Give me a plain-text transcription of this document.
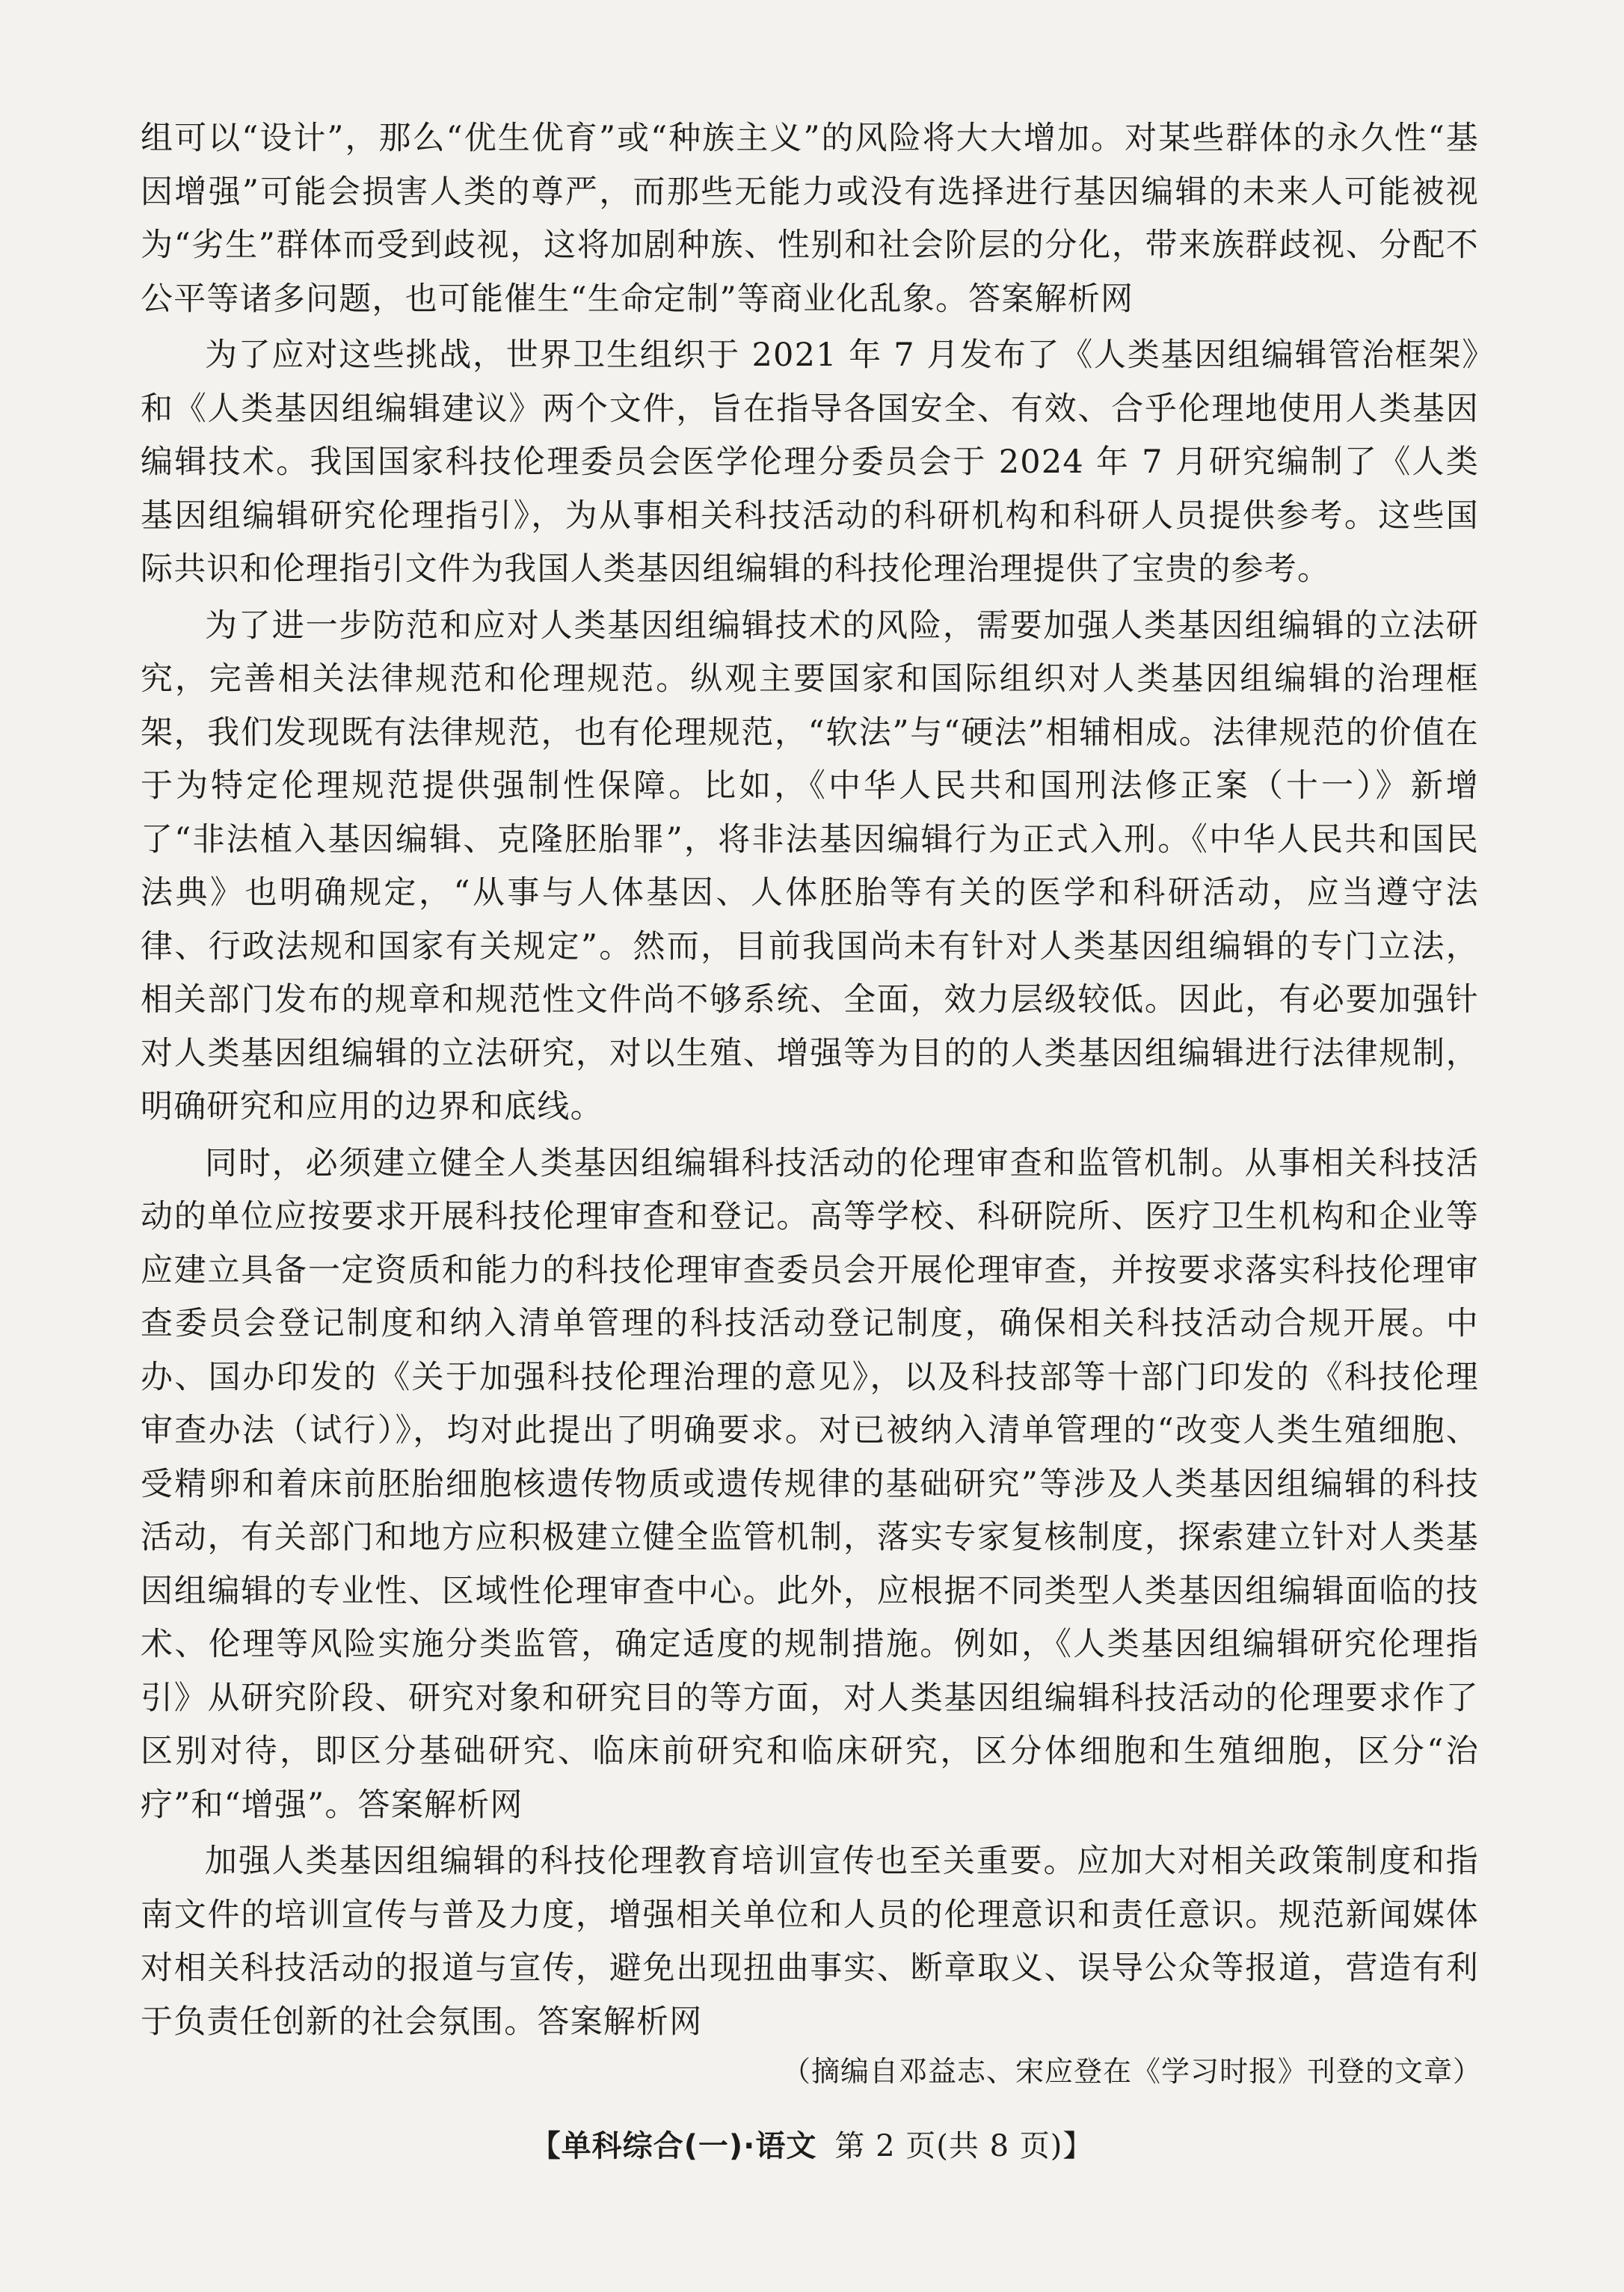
组可以“设计”，那么“优生优育”或“种族主义”的风险将大大增加。对某些群体的永久性“基因增强”可能会损害人类的尊严，而那些无能力或没有选择进行基因编辑的未来人可能被视为“劣生”群体而受到歧视，这将加剧种族、性别和社会阶层的分化，带来族群歧视、分配不公平等诸多问题，也可能催生“生命定制”等商业化乱象。答案解析网

为了应对这些挑战，世界卫生组织于 2021 年 7 月发布了《人类基因组编辑管治框架》和《人类基因组编辑建议》两个文件，旨在指导各国安全、有效、合乎伦理地使用人类基因编辑技术。我国国家科技伦理委员会医学伦理分委员会于 2024 年 7 月研究编制了《人类基因组编辑研究伦理指引》，为从事相关科技活动的科研机构和科研人员提供参考。这些国际共识和伦理指引文件为我国人类基因组编辑的科技伦理治理提供了宝贵的参考。

为了进一步防范和应对人类基因组编辑技术的风险，需要加强人类基因组编辑的立法研究，完善相关法律规范和伦理规范。纵观主要国家和国际组织对人类基因组编辑的治理框架，我们发现既有法律规范，也有伦理规范，“软法”与“硬法”相辅相成。法律规范的价值在于为特定伦理规范提供强制性保障。比如，《中华人民共和国刑法修正案（十一）》新增了“非法植入基因编辑、克隆胚胎罪”，将非法基因编辑行为正式入刑。《中华人民共和国民法典》也明确规定，“从事与人体基因、人体胚胎等有关的医学和科研活动，应当遵守法律、行政法规和国家有关规定”。然而，目前我国尚未有针对人类基因组编辑的专门立法，相关部门发布的规章和规范性文件尚不够系统、全面，效力层级较低。因此，有必要加强针对人类基因组编辑的立法研究，对以生殖、增强等为目的的人类基因组编辑进行法律规制，明确研究和应用的边界和底线。

同时，必须建立健全人类基因组编辑科技活动的伦理审查和监管机制。从事相关科技活动的单位应按要求开展科技伦理审查和登记。高等学校、科研院所、医疗卫生机构和企业等应建立具备一定资质和能力的科技伦理审查委员会开展伦理审查，并按要求落实科技伦理审查委员会登记制度和纳入清单管理的科技活动登记制度，确保相关科技活动合规开展。中办、国办印发的《关于加强科技伦理治理的意见》，以及科技部等十部门印发的《科技伦理审查办法（试行）》，均对此提出了明确要求。对已被纳入清单管理的“改变人类生殖细胞、受精卵和着床前胚胎细胞核遗传物质或遗传规律的基础研究”等涉及人类基因组编辑的科技活动，有关部门和地方应积极建立健全监管机制，落实专家复核制度，探索建立针对人类基因组编辑的专业性、区域性伦理审查中心。此外，应根据不同类型人类基因组编辑面临的技术、伦理等风险实施分类监管，确定适度的规制措施。例如，《人类基因组编辑研究伦理指引》从研究阶段、研究对象和研究目的等方面，对人类基因组编辑科技活动的伦理要求作了区别对待，即区分基础研究、临床前研究和临床研究，区分体细胞和生殖细胞，区分“治疗”和“增强”。答案解析网

加强人类基因组编辑的科技伦理教育培训宣传也至关重要。应加大对相关政策制度和指南文件的培训宣传与普及力度，增强相关单位和人员的伦理意识和责任意识。规范新闻媒体对相关科技活动的报道与宣传，避免出现扭曲事实、断章取义、误导公众等报道，营造有利于负责任创新的社会氛围。答案解析网

（摘编自邓益志、宋应登在《学习时报》刊登的文章）
【单科综合(一)·语文 第 2 页(共 8 页)】
